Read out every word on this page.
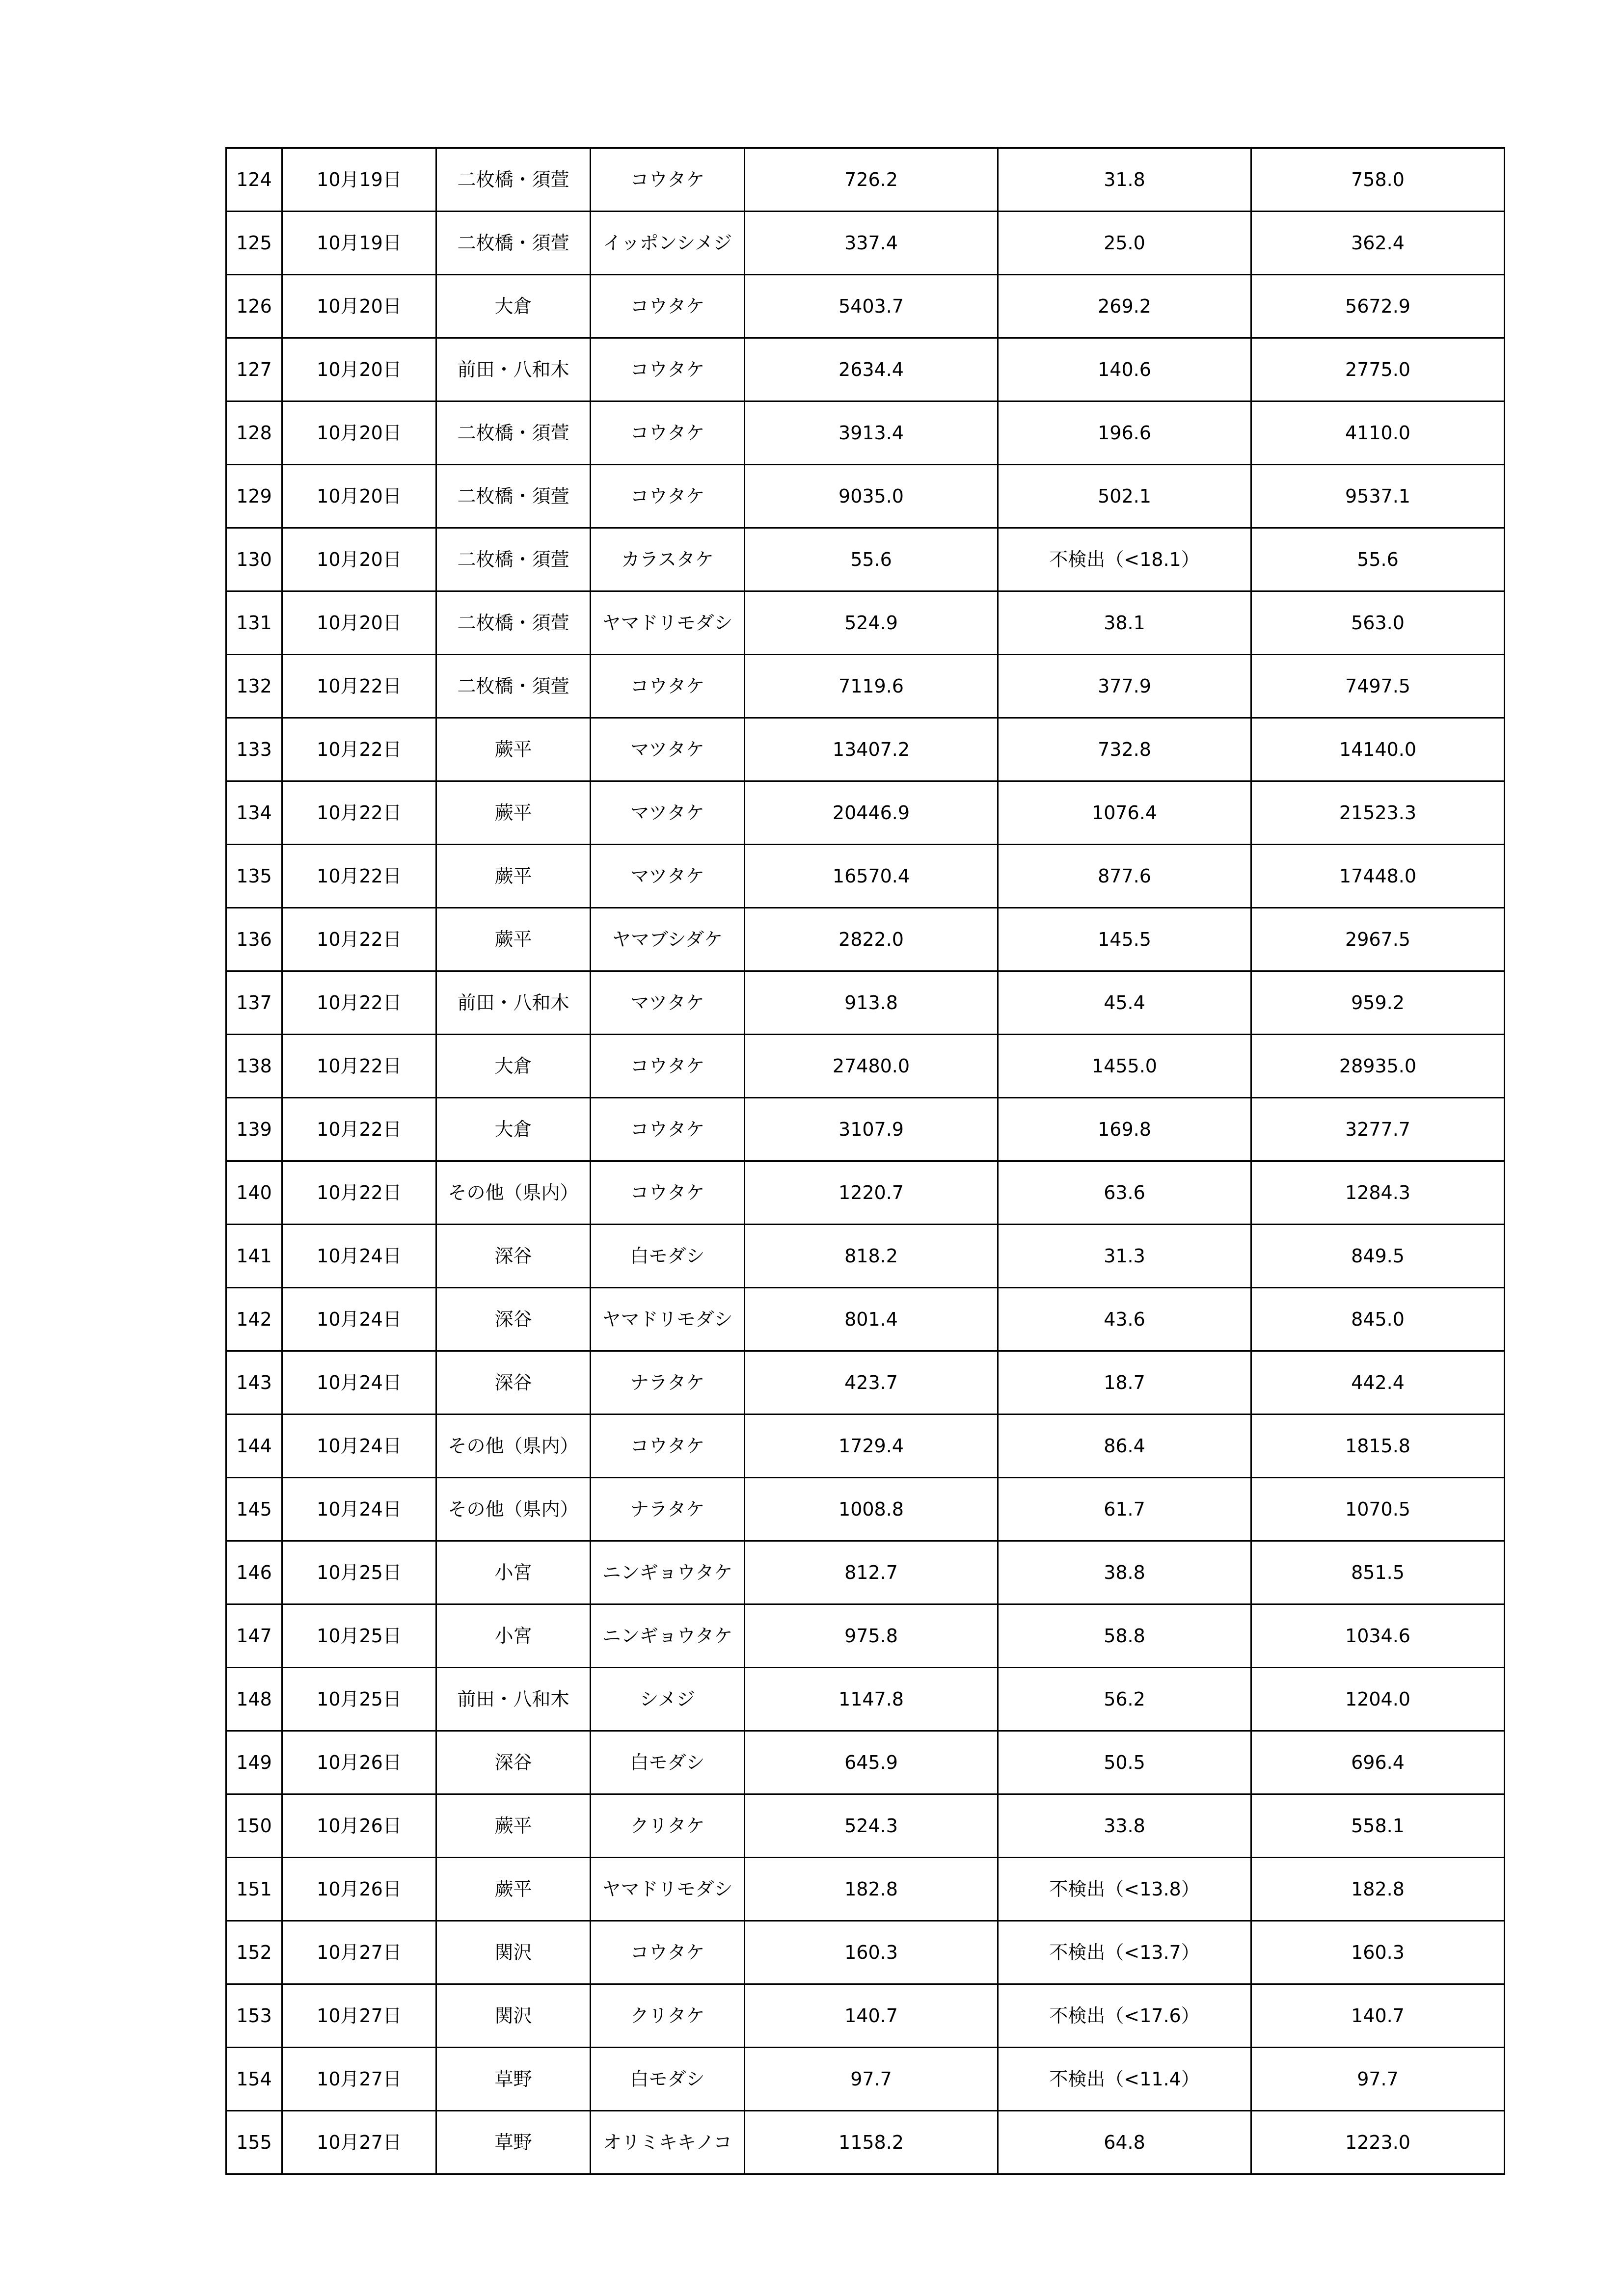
124	10月19日	二枚橋・須萱	コウタケ	726.2	31.8	758.0
125	10月19日	二枚橋・須萱	イッポンシメジ	337.4	25.0	362.4
126	10月20日	大倉	コウタケ	5403.7	269.2	5672.9
127	10月20日	前田・八和木	コウタケ	2634.4	140.6	2775.0
128	10月20日	二枚橋・須萱	コウタケ	3913.4	196.6	4110.0
129	10月20日	二枚橋・須萱	コウタケ	9035.0	502.1	9537.1
130	10月20日	二枚橋・須萱	カラスタケ	55.6	不検出（<18.1）	55.6
131	10月20日	二枚橋・須萱	ヤマドリモダシ	524.9	38.1	563.0
132	10月22日	二枚橋・須萱	コウタケ	7119.6	377.9	7497.5
133	10月22日	蕨平	マツタケ	13407.2	732.8	14140.0
134	10月22日	蕨平	マツタケ	20446.9	1076.4	21523.3
135	10月22日	蕨平	マツタケ	16570.4	877.6	17448.0
136	10月22日	蕨平	ヤマブシダケ	2822.0	145.5	2967.5
137	10月22日	前田・八和木	マツタケ	913.8	45.4	959.2
138	10月22日	大倉	コウタケ	27480.0	1455.0	28935.0
139	10月22日	大倉	コウタケ	3107.9	169.8	3277.7
140	10月22日	その他（県内）	コウタケ	1220.7	63.6	1284.3
141	10月24日	深谷	白モダシ	818.2	31.3	849.5
142	10月24日	深谷	ヤマドリモダシ	801.4	43.6	845.0
143	10月24日	深谷	ナラタケ	423.7	18.7	442.4
144	10月24日	その他（県内）	コウタケ	1729.4	86.4	1815.8
145	10月24日	その他（県内）	ナラタケ	1008.8	61.7	1070.5
146	10月25日	小宮	ニンギョウタケ	812.7	38.8	851.5
147	10月25日	小宮	ニンギョウタケ	975.8	58.8	1034.6
148	10月25日	前田・八和木	シメジ	1147.8	56.2	1204.0
149	10月26日	深谷	白モダシ	645.9	50.5	696.4
150	10月26日	蕨平	クリタケ	524.3	33.8	558.1
151	10月26日	蕨平	ヤマドリモダシ	182.8	不検出（<13.8）	182.8
152	10月27日	関沢	コウタケ	160.3	不検出（<13.7）	160.3
153	10月27日	関沢	クリタケ	140.7	不検出（<17.6）	140.7
154	10月27日	草野	白モダシ	97.7	不検出（<11.4）	97.7
155	10月27日	草野	オリミキキノコ	1158.2	64.8	1223.0
